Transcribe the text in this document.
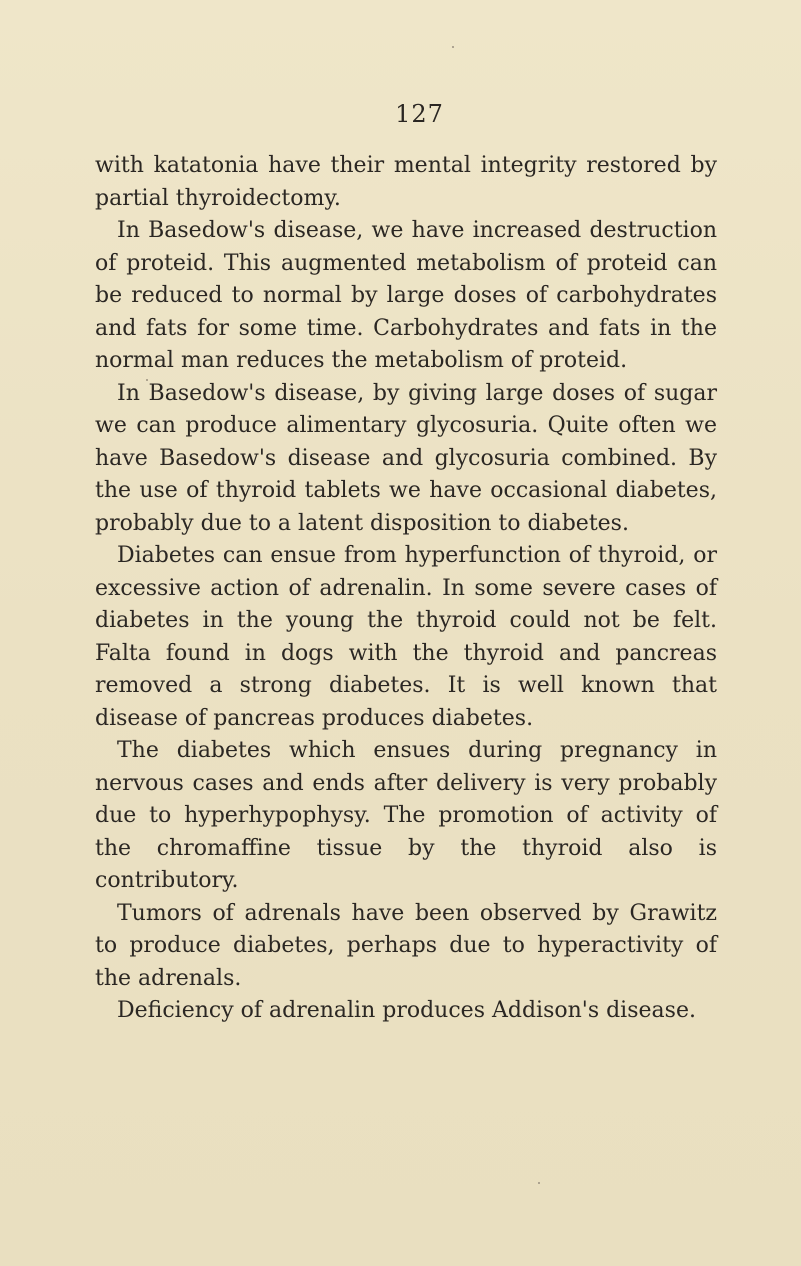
127

with katatonia have their mental integrity restored by partial thyroidectomy.

In Basedow's disease, we have increased destruction of proteid. This augmented metabolism of proteid can be reduced to normal by large doses of carbohydrates and fats for some time. Carbohydrates and fats in the normal man reduces the metabolism of proteid.

In Basedow's disease, by giving large doses of sugar we can produce alimentary glycosuria. Quite often we have Basedow's disease and glycosuria combined. By the use of thyroid tablets we have occasional diabetes, probably due to a latent disposition to diabetes.

Diabetes can ensue from hyperfunction of thyroid, or excessive action of adrenalin. In some severe cases of diabetes in the young the thyroid could not be felt. Falta found in dogs with the thyroid and pancreas removed a strong diabetes. It is well known that disease of pancreas produces diabetes.

The diabetes which ensues during pregnancy in nervous cases and ends after delivery is very probably due to hyperhypophysy. The promotion of activity of the chromaffine tissue by the thyroid also is contributory.

Tumors of adrenals have been observed by Grawitz to produce diabetes, perhaps due to hyperactivity of the adrenals.

Deficiency of adrenalin produces Addison's disease.
